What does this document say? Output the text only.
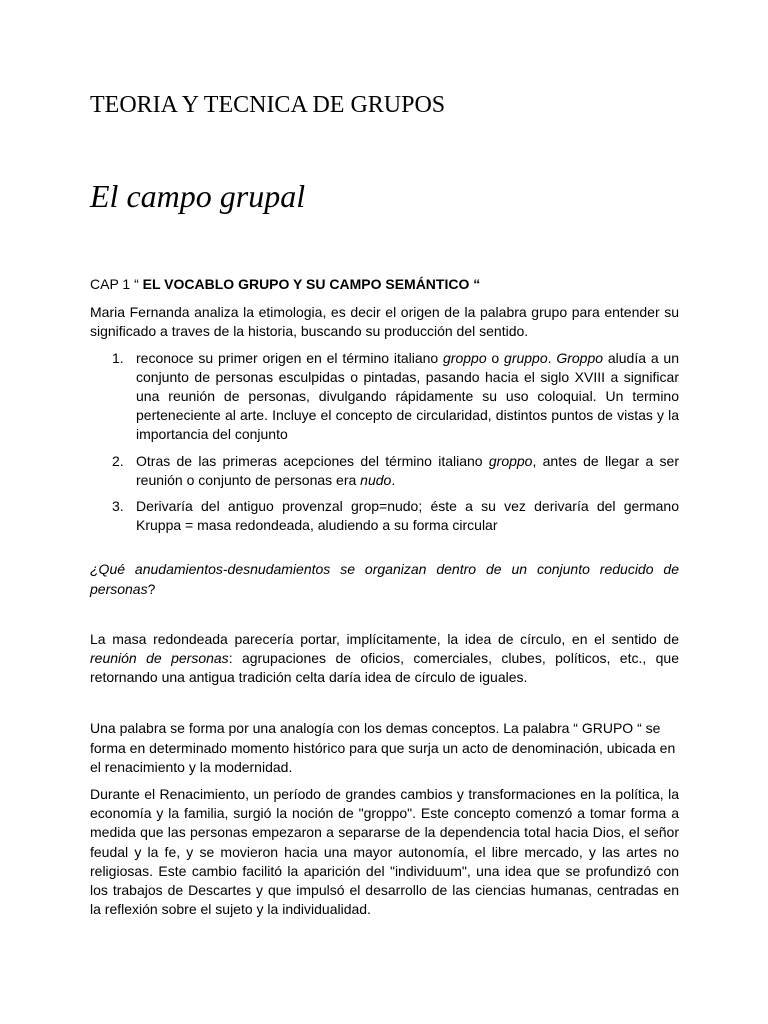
TEORIA Y TECNICA DE GRUPOS
El campo grupal

CAP 1 “ EL VOCABLO GRUPO Y SU CAMPO SEMÁNTICO “

Maria Fernanda analiza la etimologia, es decir el origen de la palabra grupo para entender su significado a traves de la historia, buscando su producción del sentido.

1. reconoce su primer origen en el término italiano groppo o gruppo. Groppo aludía a un conjunto de personas esculpidas o pintadas, pasando hacia el siglo XVIII a significar una reunión de personas, divulgando rápidamente su uso coloquial. Un termino perteneciente al arte. Incluye el concepto de circularidad, distintos puntos de vistas y la importancia del conjunto
2. Otras de las primeras acepciones del término italiano groppo, antes de llegar a ser reunión o conjunto de personas era nudo.
3. Derivaría del antiguo provenzal grop=nudo; éste a su vez derivaría del germano Kruppa = masa redondeada, aludiendo a su forma circular

¿Qué anudamientos-desnudamientos se organizan dentro de un conjunto reducido de personas?

La masa redondeada parecería portar, implícitamente, la idea de círculo, en el sentido de reunión de personas: agrupaciones de oficios, comerciales, clubes, políticos, etc., que retornando una antigua tradición celta daría idea de círculo de iguales.

Una palabra se forma por una analogía con los demas conceptos. La palabra “ GRUPO “ se forma en determinado momento histórico para que surja un acto de denominación, ubicada en el renacimiento y la modernidad.

Durante el Renacimiento, un período de grandes cambios y transformaciones en la política, la economía y la familia, surgió la noción de "groppo". Este concepto comenzó a tomar forma a medida que las personas empezaron a separarse de la dependencia total hacia Dios, el señor feudal y la fe, y se movieron hacia una mayor autonomía, el libre mercado, y las artes no religiosas. Este cambio facilitó la aparición del "individuum", una idea que se profundizó con los trabajos de Descartes y que impulsó el desarrollo de las ciencias humanas, centradas en la reflexión sobre el sujeto y la individualidad.
